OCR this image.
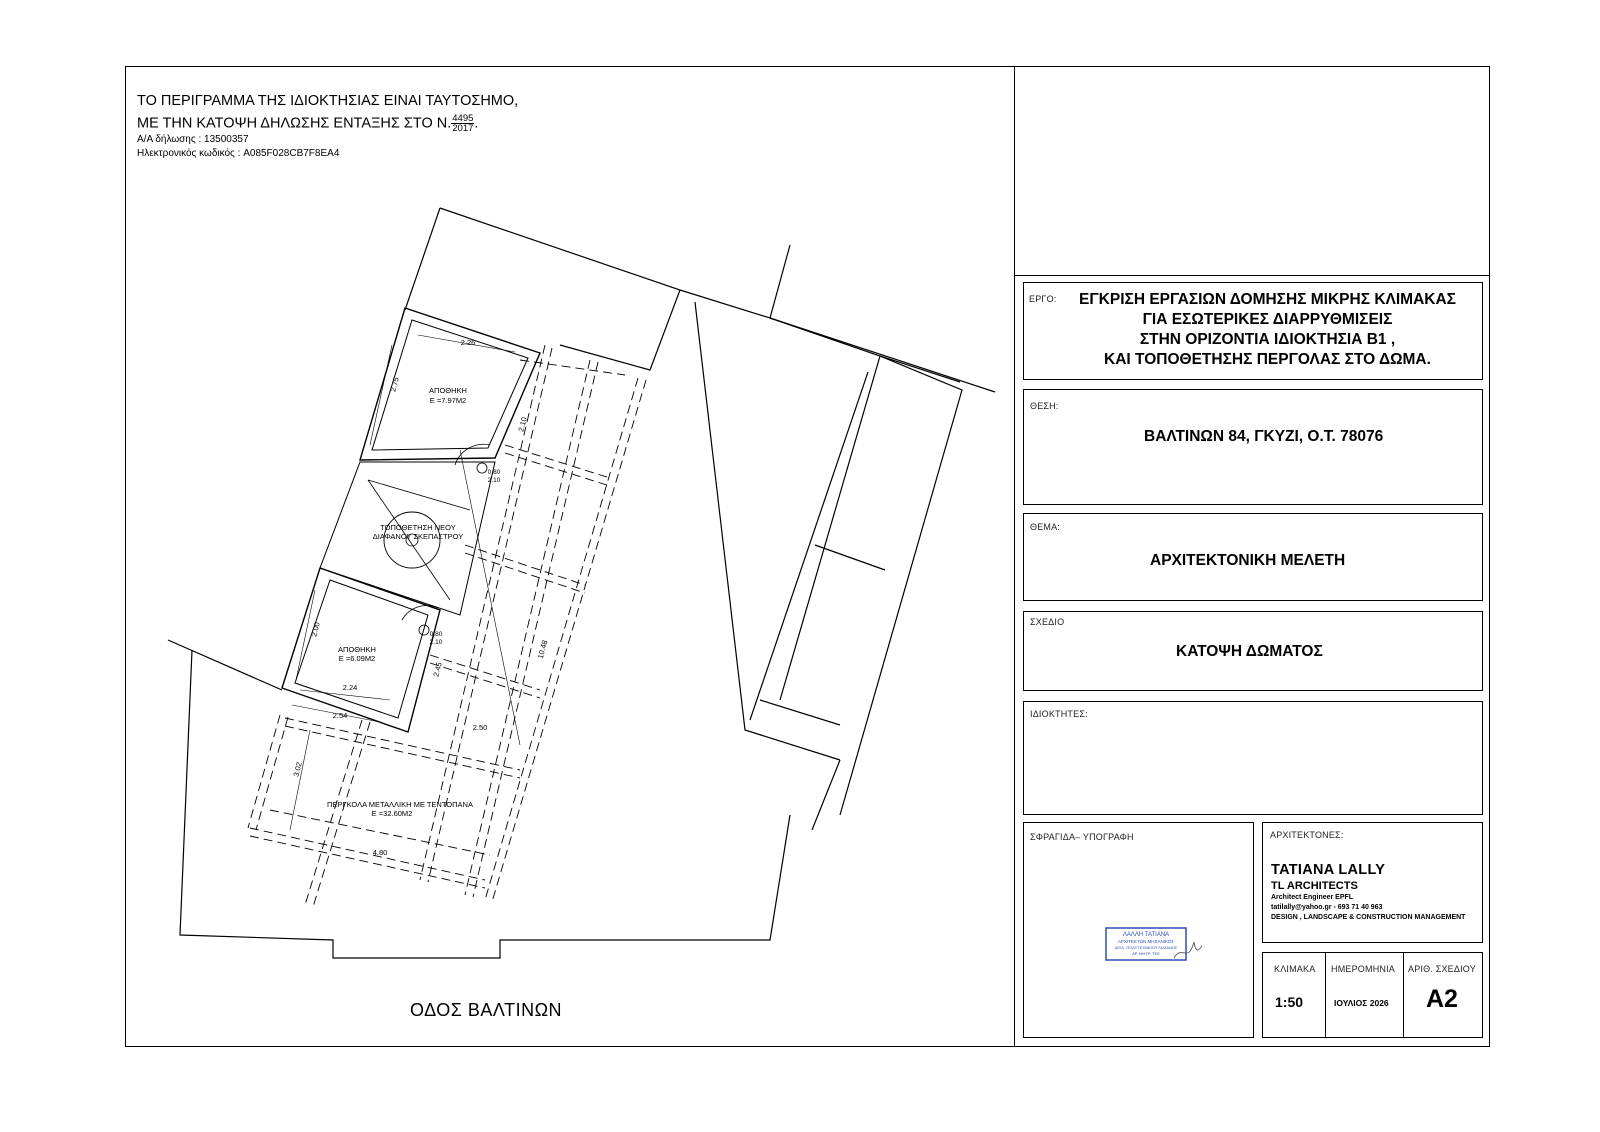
ΤΟ ΠΕΡΙΓΡΑΜΜΑ ΤΗΣ ΙΔΙΟΚΤΗΣΙΑΣ ΕΙΝΑΙ ΤΑΥΤΟΣΗΜΟ,
ΜΕ ΤΗΝ ΚΑΤΟΨΗ ΔΗΛΩΣΗΣ ΕΝΤΑΞΗΣ ΣΤΟ Ν. $\frac{4495}{2017}$ .
Α/Α δήλωσης : 13500357
Ηλεκτρονικός κωδικός : A085F028CB7F8EA4
ΑΠΟΘΗΚΗ
Ε =7.97Μ2
ΑΠΟΘΗΚΗ
Ε =6.09Μ2
ΤΟΠΟΘΕΤΗΣΗ ΝΕΟΥ
ΔΙΑΦΑΝΟΥ ΣΚΕΠΑΣΤΡΟΥ
ΠΕΡΓΚΟΛΑ ΜΕΤΑΛΛΙΚΗ ΜΕ ΤΕΝΤΟΠΑΝΑ
Ε =32.60Μ2
2.26
2.75
2.00
2.24
2.54
3.02
10.48
4.80
2.10
2.45
2.50
0.80
2.10
0.80
2.10
ΟΔΟΣ ΒΑΛΤΙΝΩΝ
ΕΡΓΟ:	ΕΓΚΡΙΣΗ ΕΡΓΑΣΙΩΝ ΔΟΜΗΣΗΣ ΜΙΚΡΗΣ ΚΛΙΜΑΚΑΣ
ΓΙΑ ΕΣΩΤΕΡΙΚΕΣ ΔΙΑΡΡΥΘΜΙΣΕΙΣ
ΣΤΗΝ ΟΡΙΖΟΝΤΙΑ ΙΔΙΟΚΤΗΣΙΑ Β1 ,
ΚΑΙ ΤΟΠΟΘΕΤΗΣΗΣ ΠΕΡΓΟΛΑΣ ΣΤΟ ΔΩΜΑ.
ΘΕΣΗ:
ΒΑΛΤΙΝΩΝ 84, ΓΚΥΖΙ, Ο.Τ. 78076
ΘΕΜΑ:
ΑΡΧΙΤΕΚΤΟΝΙΚΗ ΜΕΛΕΤΗ
ΣΧΕΔΙΟ
ΚΑΤΟΨΗ ΔΩΜΑΤΟΣ
ΙΔΙΟΚΤΗΤΕΣ:
ΣΦΡΑΓΙΔΑ– ΥΠΟΓΡΑΦΗ
ΛΑΛΛΗ ΤΑΤΙΑΝΑ
ΑΡΧΙΤΕΚΤΩΝ ΜΗΧΑΝΙΚΟΣ
ΔΙΠΛ. ΠΟΛΥΤΕΧΝΕΙΟΥ ΛΩΖΑΝΗΣ
ΑΡ. ΜΗΤΡ. ΤΕΕ
ΑΡΧΙΤΕΚΤΟΝΕΣ:
TATIANA LALLY
TL ARCHITECTS
Architect Engineer EPFL
tatilally@yahoo.gr - 693 71 40 963
DESIGN , LANDSCAPE & CONSTRUCTION MANAGEMENT
ΚΛΙΜΑΚΑ
1:50
ΗΜΕΡΟΜΗΝΙΑ
ΙΟΥΛΙΟΣ 2026
ΑΡΙΘ. ΣΧΕΔΙΟΥ
A2
